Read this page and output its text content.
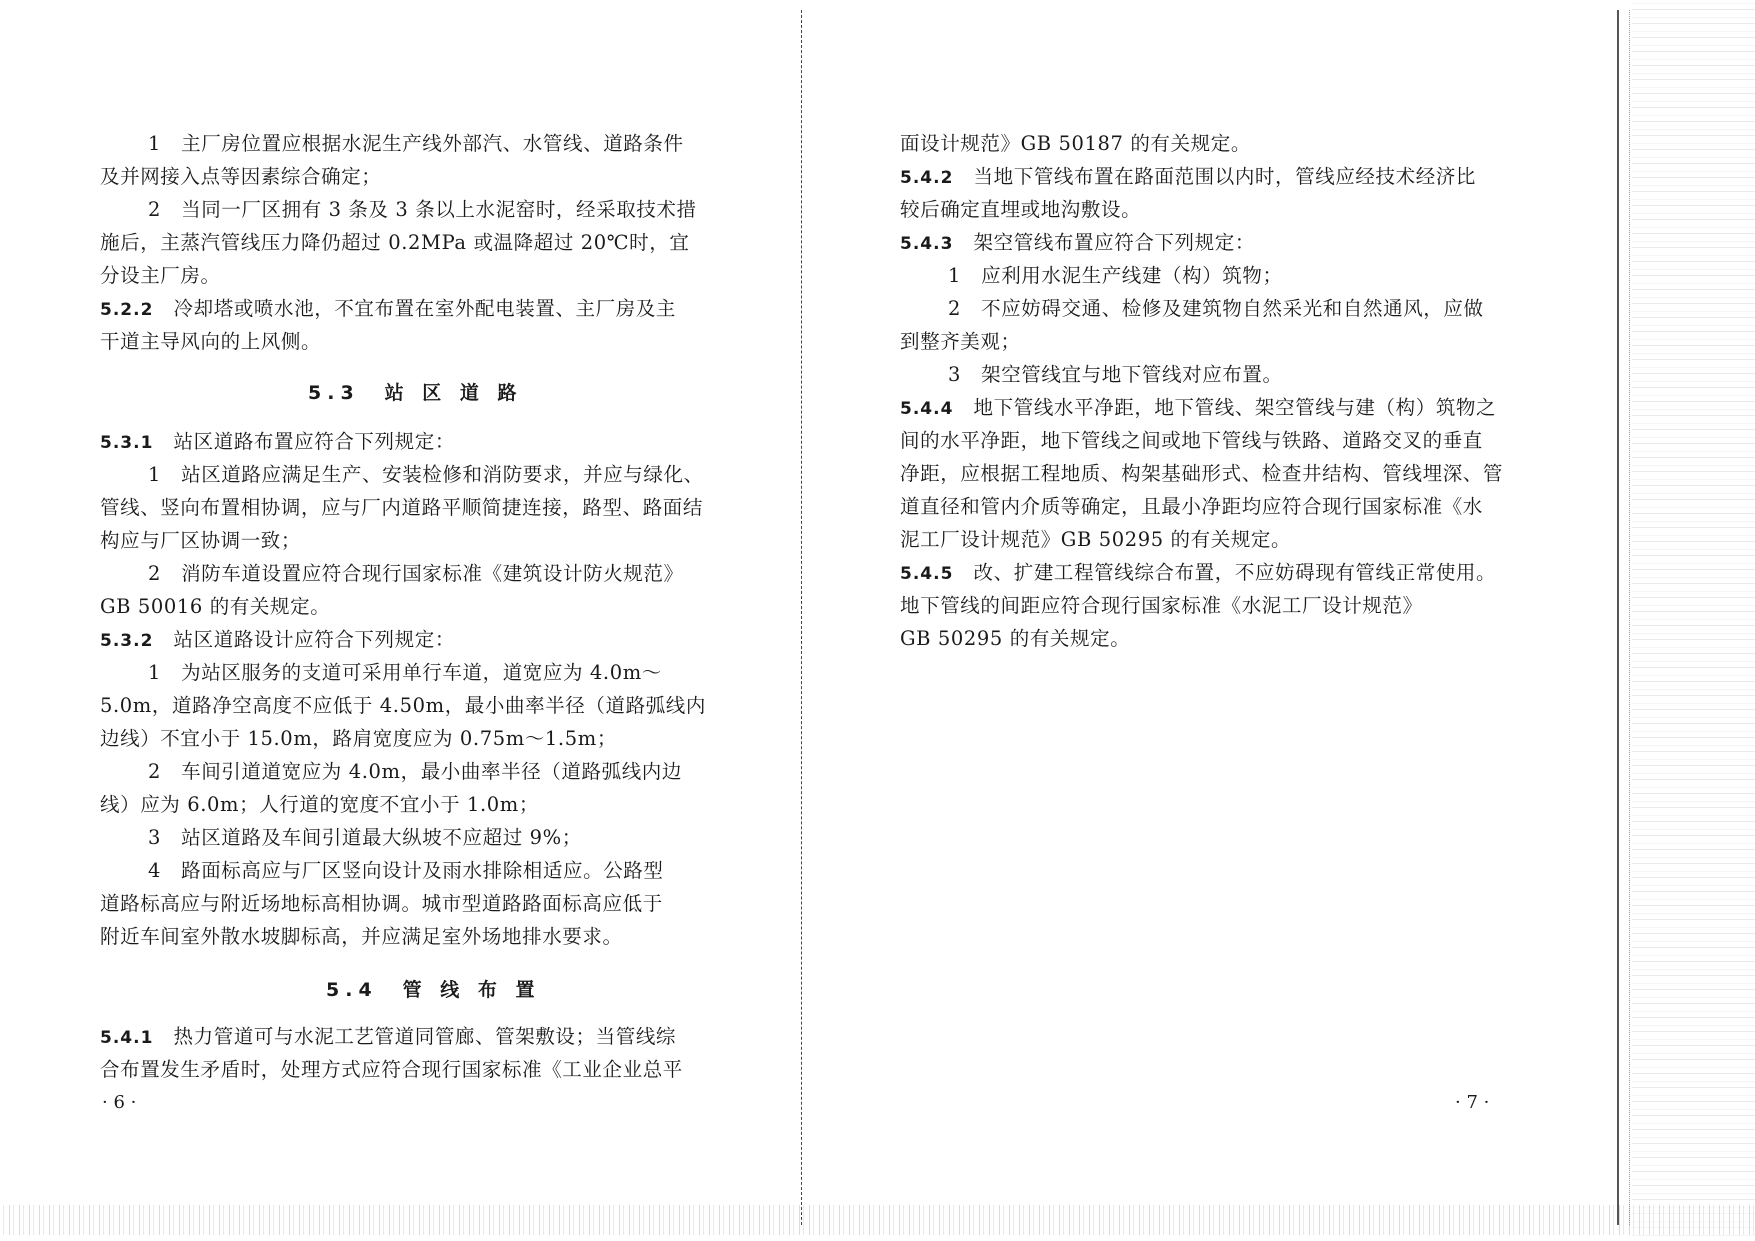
1　主厂房位置应根据水泥生产线外部汽、水管线、道路条件
及并网接入点等因素综合确定；
2　当同一厂区拥有 3 条及 3 条以上水泥窑时，经采取技术措
施后，主蒸汽管线压力降仍超过 0.2MPa 或温降超过 20℃时，宜
分设主厂房。
5.2.2　 冷却塔或喷水池，不宜布置在室外配电装置、主厂房及主
干道主导风向的上风侧。
5.3　站 区 道 路
5.3.1　 站区道路布置应符合下列规定：
1　站区道路应满足生产、安装检修和消防要求，并应与绿化、
管线、竖向布置相协调，应与厂内道路平顺简捷连接，路型、路面结
构应与厂区协调一致；
2　消防车道设置应符合现行国家标准《建筑设计防火规范》
GB 50016 的有关规定。
5.3.2　 站区道路设计应符合下列规定：
1　为站区服务的支道可采用单行车道，道宽应为 4.0m～
5.0m，道路净空高度不应低于 4.50m，最小曲率半径（道路弧线内
边线）不宜小于 15.0m，路肩宽度应为 0.75m～1.5m；
2　车间引道道宽应为 4.0m，最小曲率半径（道路弧线内边
线）应为 6.0m；人行道的宽度不宜小于 1.0m；
3　站区道路及车间引道最大纵坡不应超过 9%；
4　路面标高应与厂区竖向设计及雨水排除相适应。公路型
道路标高应与附近场地标高相协调。城市型道路路面标高应低于
附近车间室外散水坡脚标高，并应满足室外场地排水要求。
5.4　管 线 布 置
5.4.1　 热力管道可与水泥工艺管道同管廊、管架敷设；当管线综
合布置发生矛盾时，处理方式应符合现行国家标准《工业企业总平
· 6 ·
面设计规范》GB 50187 的有关规定。
5.4.2　 当地下管线布置在路面范围以内时，管线应经技术经济比
较后确定直埋或地沟敷设。
5.4.3　 架空管线布置应符合下列规定：
1　应利用水泥生产线建（构）筑物；
2　不应妨碍交通、检修及建筑物自然采光和自然通风，应做
到整齐美观；
3　架空管线宜与地下管线对应布置。
5.4.4　 地下管线水平净距，地下管线、架空管线与建（构）筑物之
间的水平净距，地下管线之间或地下管线与铁路、道路交叉的垂直
净距，应根据工程地质、构架基础形式、检查井结构、管线埋深、管
道直径和管内介质等确定，且最小净距均应符合现行国家标准《水
泥工厂设计规范》GB 50295 的有关规定。
5.4.5　 改、扩建工程管线综合布置，不应妨碍现有管线正常使用。
地下管线的间距应符合现行国家标准《水泥工厂设计规范》
GB 50295 的有关规定。
· 7 ·
